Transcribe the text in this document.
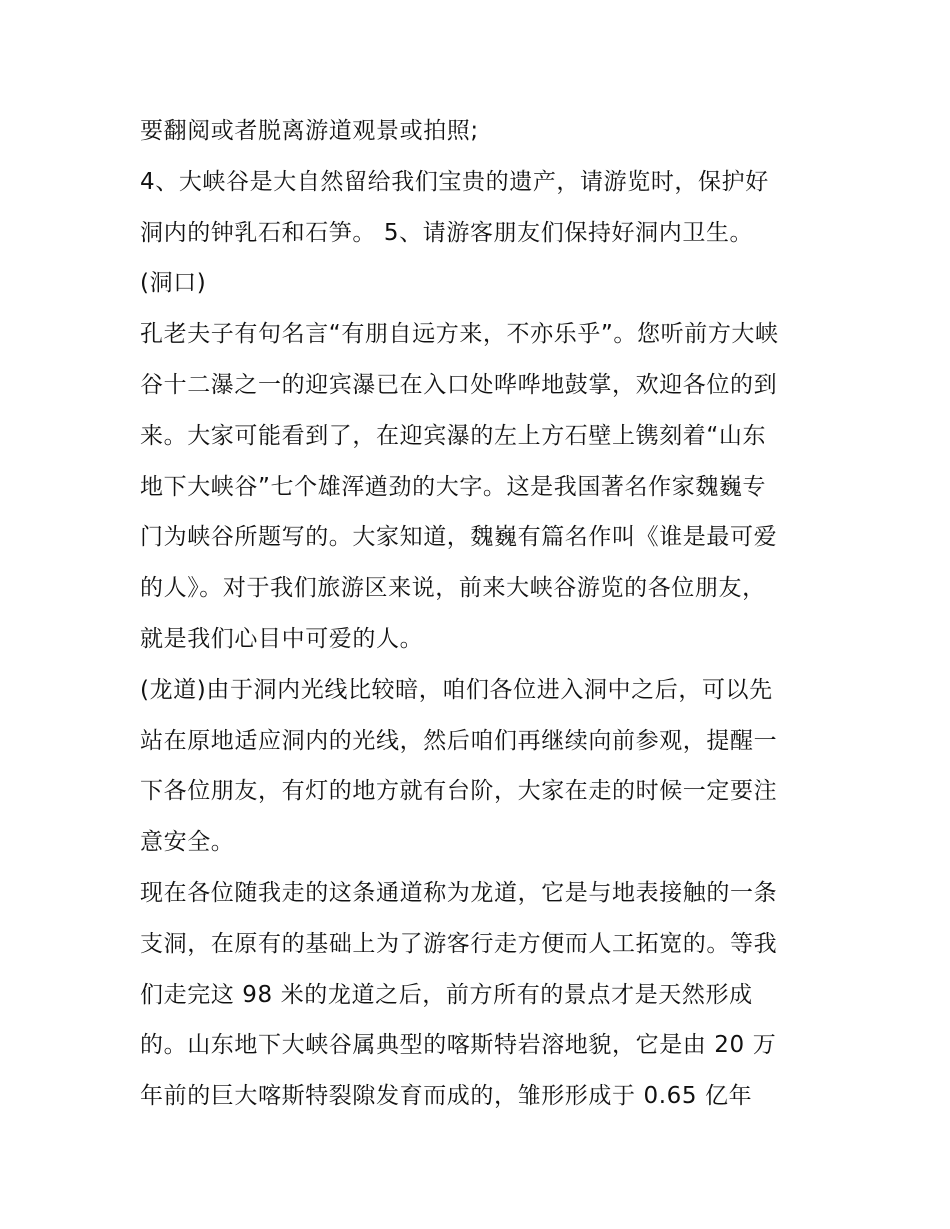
要翻阅或者脱离游道观景或拍照;
4、大峡谷是大自然留给我们宝贵的遗产，请游览时，保护好
洞内的钟乳石和石笋。 5、请游客朋友们保持好洞内卫生。
(洞口)
孔老夫子有句名言“有朋自远方来，不亦乐乎”。您听前方大峡
谷十二瀑之一的迎宾瀑已在入口处哗哗地鼓掌，欢迎各位的到
来。大家可能看到了，在迎宾瀑的左上方石壁上镌刻着“山东
地下大峡谷”七个雄浑遒劲的大字。这是我国著名作家魏巍专
门为峡谷所题写的。大家知道，魏巍有篇名作叫《谁是最可爱
的人》。对于我们旅游区来说，前来大峡谷游览的各位朋友，
就是我们心目中可爱的人。
(龙道)由于洞内光线比较暗，咱们各位进入洞中之后，可以先
站在原地适应洞内的光线，然后咱们再继续向前参观，提醒一
下各位朋友，有灯的地方就有台阶，大家在走的时候一定要注
意安全。
现在各位随我走的这条通道称为龙道，它是与地表接触的一条
支洞，在原有的基础上为了游客行走方便而人工拓宽的。等我
们走完这 98 米的龙道之后，前方所有的景点才是天然形成
的。山东地下大峡谷属典型的喀斯特岩溶地貌，它是由 20 万
年前的巨大喀斯特裂隙发育而成的，雏形形成于 0.65 亿年
